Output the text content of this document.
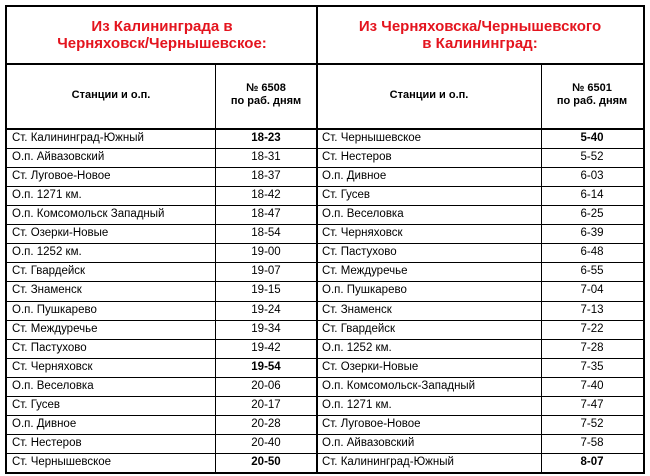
Из Калининграда в
Черняховск/Чернышевское:
Станции и о.п.
№ 6508
по раб. дням
Ст. Калининград-Южный	18-23
О.п. Айвазовский	18-31
Ст. Луговое-Новое	18-37
О.п. 1271 км.	18-42
О.п. Комсомольск Западный	18-47
Ст. Озерки-Новые	18-54
О.п. 1252 км.	19-00
Ст. Гвардейск	19-07
Ст. Знаменск	19-15
О.п. Пушкарево	19-24
Ст. Междуречье	19-34
Ст. Пастухово	19-42
Ст. Черняховск	19-54
О.п. Веселовка	20-06
Ст. Гусев	20-17
О.п. Дивное	20-28
Ст. Нестеров	20-40
Ст. Чернышевское	20-50
Из Черняховска/Чернышевского
в Калининград:
Станции и о.п.
№ 6501
по раб. дням
Ст. Чернышевское	5-40
Ст. Нестеров	5-52
О.п. Дивное	6-03
Ст. Гусев	6-14
О.п. Веселовка	6-25
Ст. Черняховск	6-39
Ст. Пастухово	6-48
Ст. Междуречье	6-55
О.п. Пушкарево	7-04
Ст. Знаменск	7-13
Ст. Гвардейск	7-22
О.п. 1252 км.	7-28
Ст. Озерки-Новые	7-35
О.п. Комсомольск-Западный	7-40
О.п. 1271 км.	7-47
Ст. Луговое-Новое	7-52
О.п. Айвазовский	7-58
Ст. Калининград-Южный	8-07
